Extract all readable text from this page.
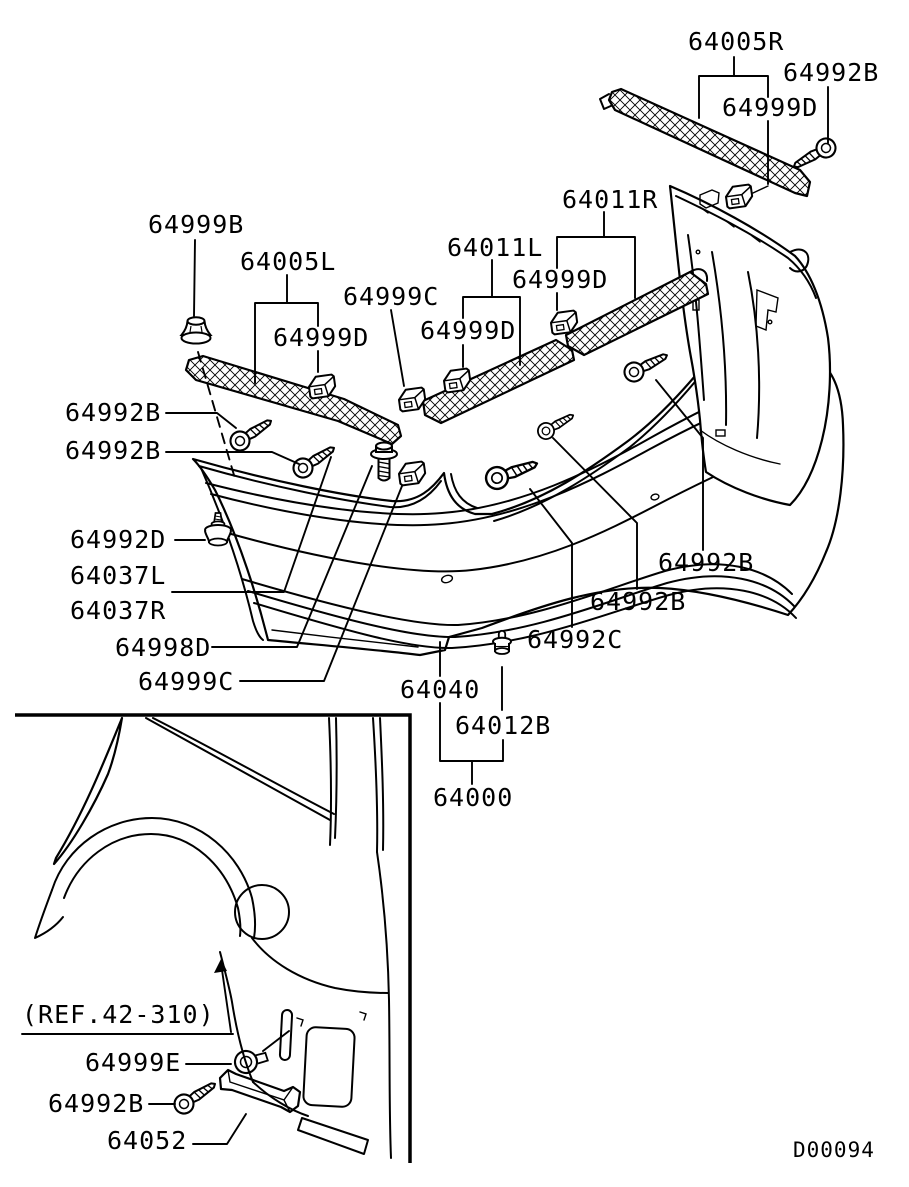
64005R
64992B
64999D
64011R
64011L
64999D
64999B
64005L
64999C
64999D
64999D
64992B
64992B
64992D
64037L
64037R
64998D
64999C
64992B
64992B
64992C
64040
64012B
64000
(REF.42-310)
64999E
64992B
64052	D00094
